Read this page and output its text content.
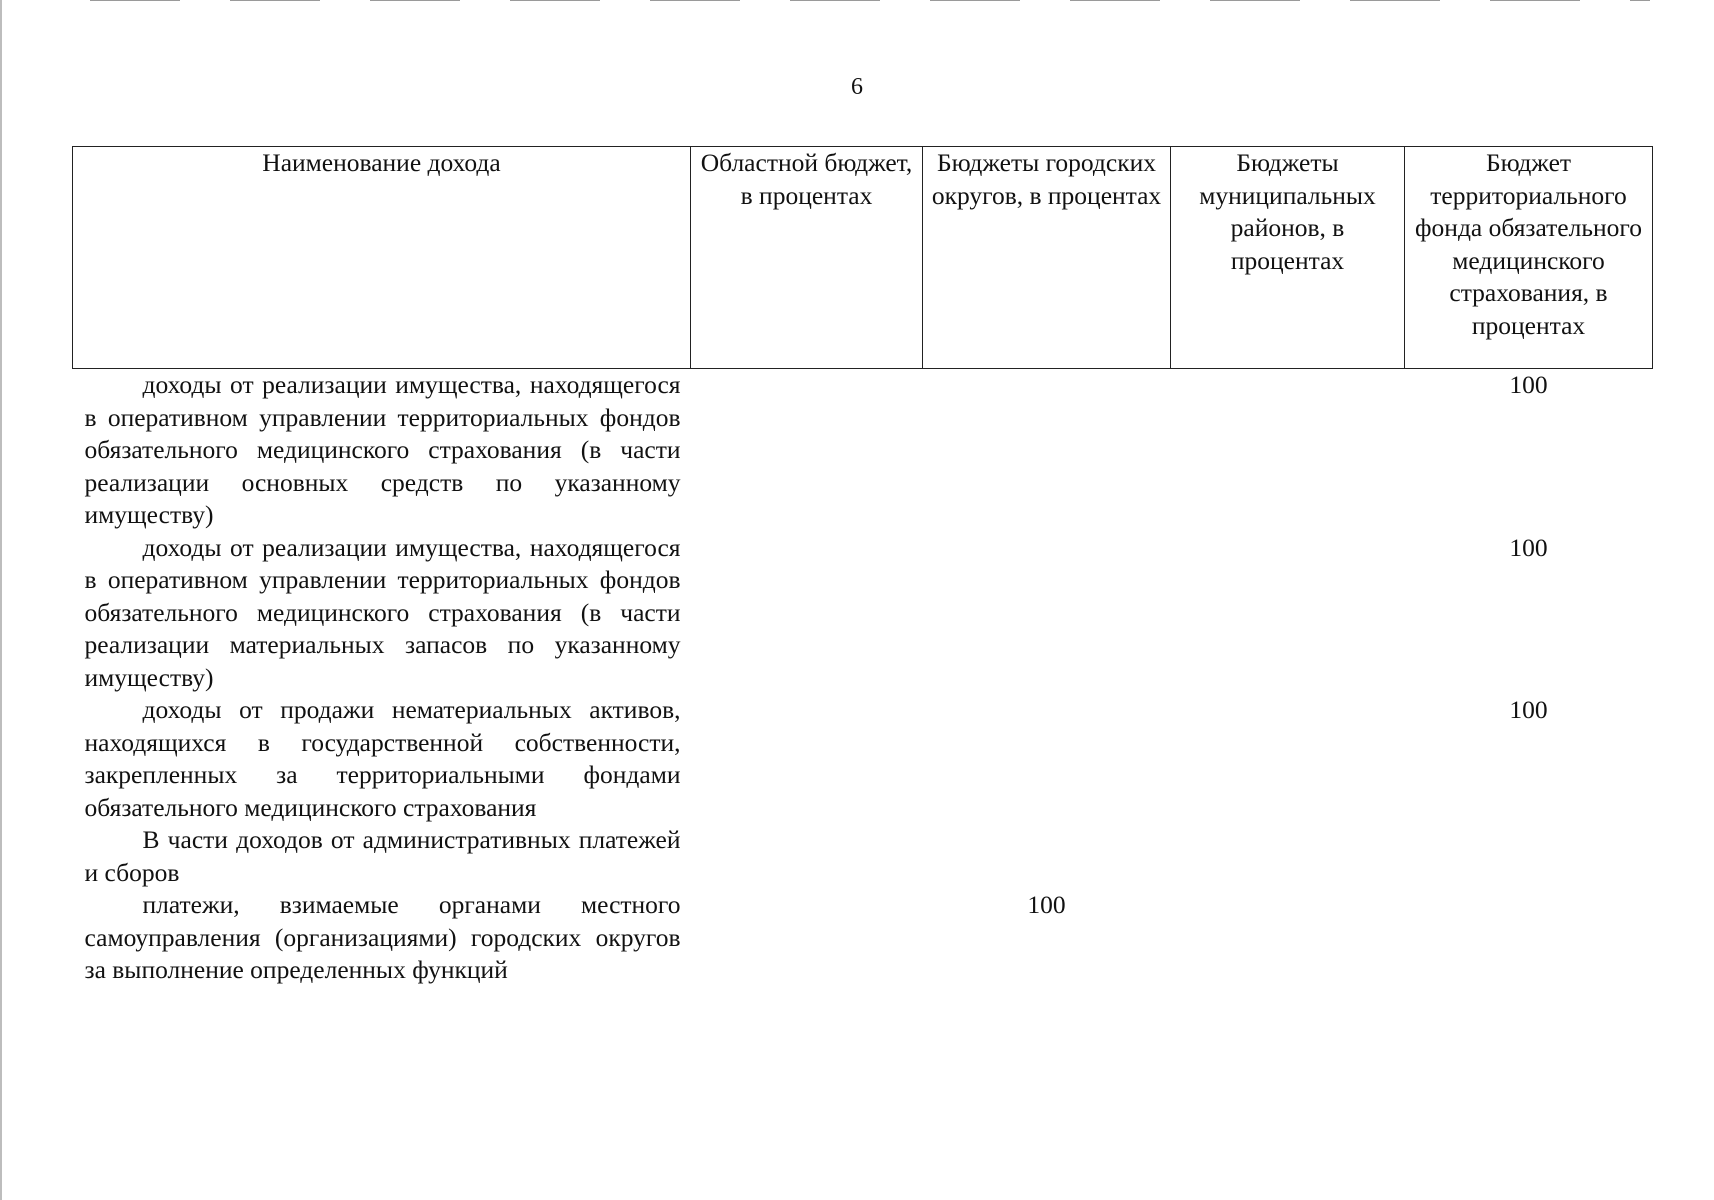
6
Наименование дохода	Областной бюджет, в процентах	Бюджеты городских округов, в процентах	Бюджеты муниципальных районов, в процентах	Бюджет территориального фонда обязательного медицинского страхования, в процентах

доходы от реализации имущества, находящегося в оперативном управлении территориальных фондов обязательного медицинского страхования (в части реализации основных средств по указанному имуществу)				100

доходы от реализации имущества, находящегося в оперативном управлении территориальных фондов обязательного медицинского страхования (в части реализации материальных запасов по указанному имуществу)				100

доходы от продажи нематериальных активов, находящихся в государственной собственности, закрепленных за территориальными фондами обязательного медицинского страхования				100

В части доходов от административных платежей и сборов				

платежи, взимаемые органами местного самоуправления (организациями) городских округов за выполнение определенных функций		100		
